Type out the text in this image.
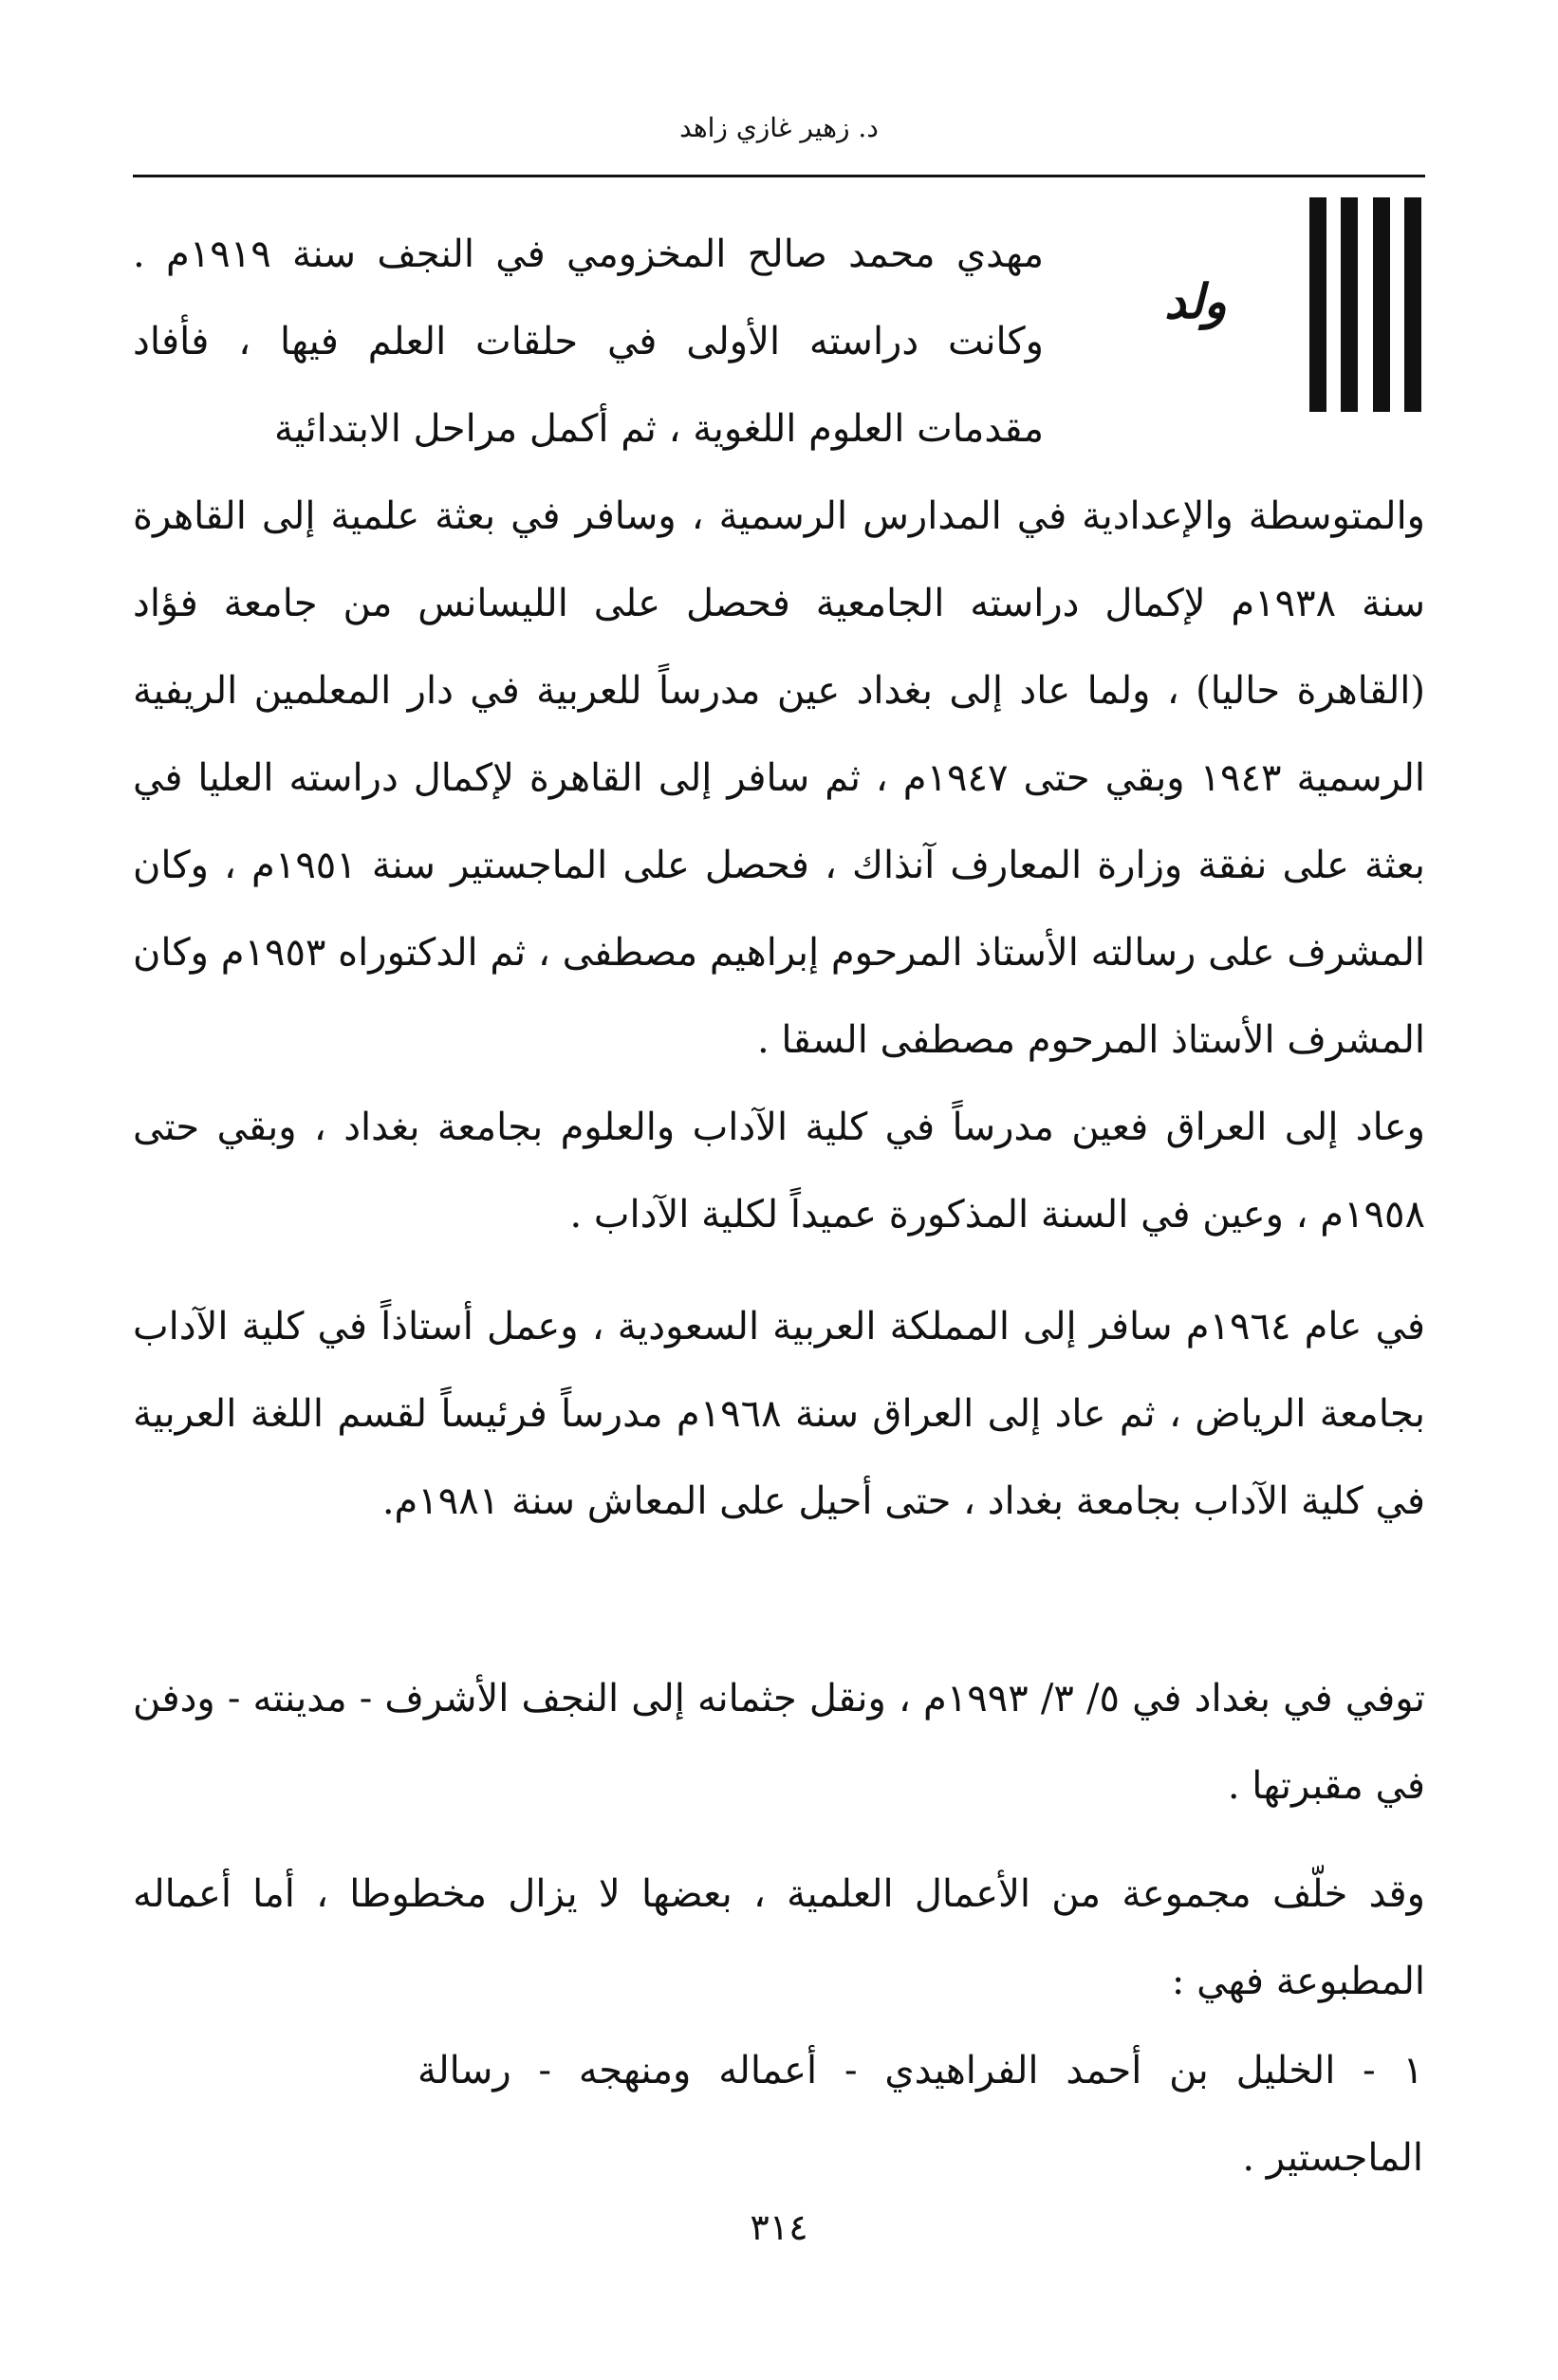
د. زهير غازي زاهد
ولد

مهدي محمد صالح المخزومي في النجف سنة ١٩١٩م . وكانت دراسته الأولى في حلقات العلم فيها ، فأفاد مقدمات العلوم اللغوية ، ثم أكمل مراحل الابتدائية

والمتوسطة والإعدادية في المدارس الرسمية ، وسافر في بعثة علمية إلى القاهرة سنة ١٩٣٨م لإكمال دراسته الجامعية فحصل على الليسانس من جامعة فؤاد (القاهرة حاليا) ، ولما عاد إلى بغداد عين مدرساً للعربية في دار المعلمين الريفية الرسمية ١٩٤٣ وبقي حتى ١٩٤٧م ، ثم سافر إلى القاهرة لإكمال دراسته العليا في بعثة على نفقة وزارة المعارف آنذاك ، فحصل على الماجستير سنة ١٩٥١م ، وكان المشرف على رسالته الأستاذ المرحوم إبراهيم مصطفى ، ثم الدكتوراه ١٩٥٣م وكان المشرف الأستاذ المرحوم مصطفى السقا .

وعاد إلى العراق فعين مدرساً في كلية الآداب والعلوم بجامعة بغداد ، وبقي حتى ١٩٥٨م ، وعين في السنة المذكورة عميداً لكلية الآداب .

في عام ١٩٦٤م سافر إلى المملكة العربية السعودية ، وعمل أستاذاً في كلية الآداب بجامعة الرياض ، ثم عاد إلى العراق سنة ١٩٦٨م مدرساً فرئيساً لقسم اللغة العربية في كلية الآداب بجامعة بغداد ، حتى أحيل على المعاش سنة ١٩٨١م.

توفي في بغداد في ٥/ ٣/ ١٩٩٣م ، ونقل جثمانه إلى النجف الأشرف - مدينته - ودفن في مقبرتها .

وقد خلّف مجموعة من الأعمال العلمية ، بعضها لا يزال مخطوطا ، أما أعماله المطبوعة فهي :

١ - الخليل بن أحمد الفراهيدي - أعماله ومنهجه - رسالة الماجستير .

٣١٤
